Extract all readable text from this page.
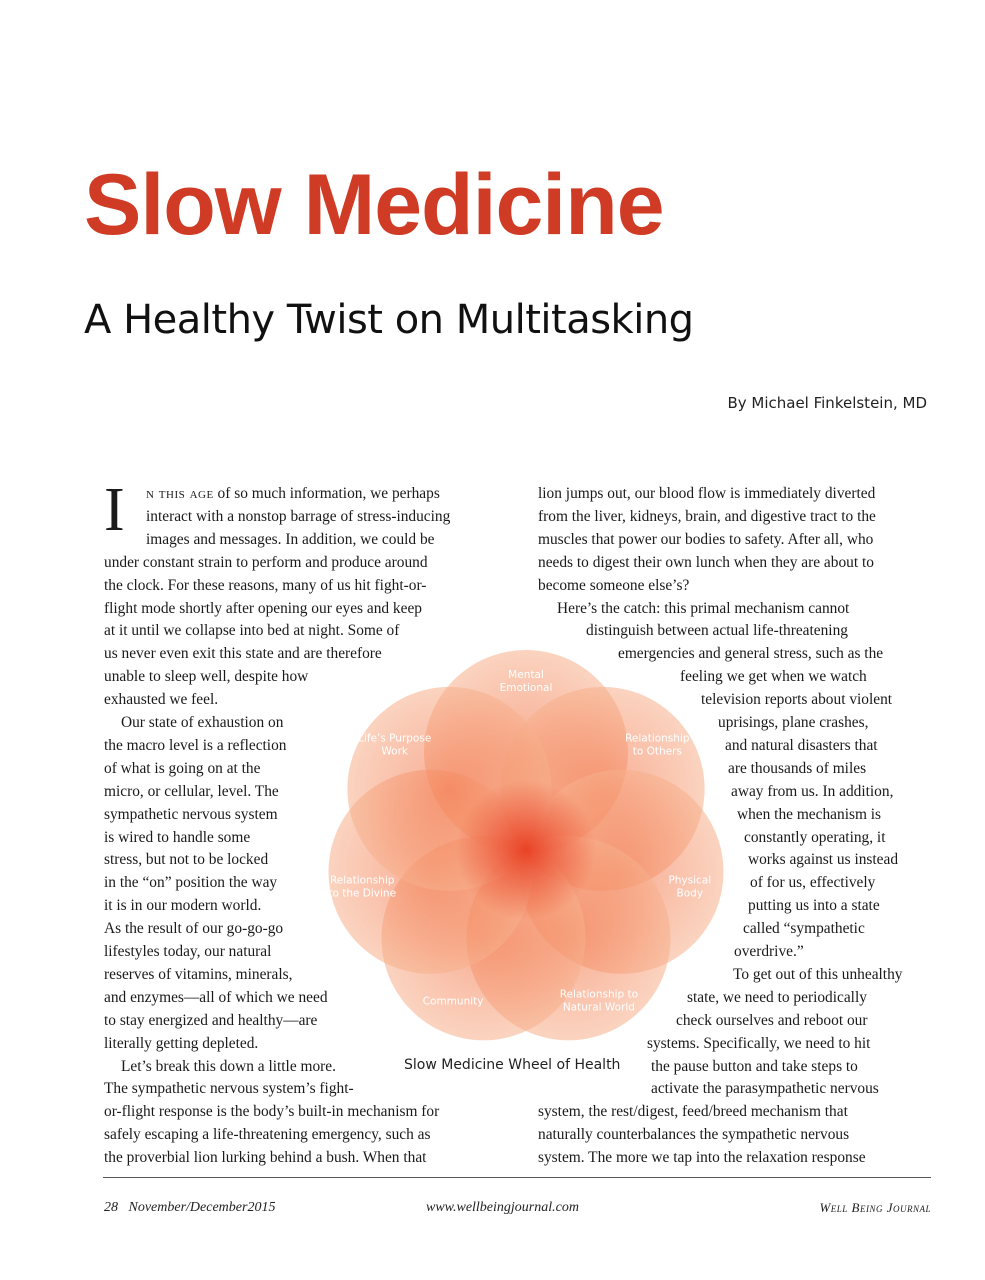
Slow Medicine
A Healthy Twist on Multitasking
By Michael Finkelstein, MD
I n this age of so much information, we perhaps
interact with a nonstop barrage of stress-inducing
images and messages. In addition, we could be
under constant strain to perform and produce around
the clock. For these reasons, many of us hit fight-or-
flight mode shortly after opening our eyes and keep
at it until we collapse into bed at night. Some of
us never even exit this state and are therefore
unable to sleep well, despite how
exhausted we feel.
Our state of exhaustion on
the macro level is a reflection
of what is going on at the
micro, or cellular, level. The
sympathetic nervous system
is wired to handle some
stress, but not to be locked
in the “on” position the way
it is in our modern world.
As the result of our go-go-go
lifestyles today, our natural
reserves of vitamins, minerals,
and enzymes—all of which we need
to stay energized and healthy—are
literally getting depleted.
Let’s break this down a little more.
The sympathetic nervous system’s fight-
or-flight response is the body’s built-in mechanism for
safely escaping a life-threatening emergency, such as
the proverbial lion lurking behind a bush. When that
lion jumps out, our blood flow is immediately diverted
from the liver, kidneys, brain, and digestive tract to the
muscles that power our bodies to safety. After all, who
needs to digest their own lunch when they are about to
become someone else’s?
Here’s the catch: this primal mechanism cannot
distinguish between actual life-threatening
emergencies and general stress, such as the
feeling we get when we watch
television reports about violent
uprisings, plane crashes,
and natural disasters that
are thousands of miles
away from us. In addition,
when the mechanism is
constantly operating, it
works against us instead
of for us, effectively
putting us into a state
called “sympathetic
overdrive.”
To get out of this unhealthy
state, we need to periodically
check ourselves and reboot our
systems. Specifically, we need to hit
the pause button and take steps to
activate the parasympathetic nervous
system, the rest/digest, feed/breed mechanism that
naturally counterbalances the sympathetic nervous
system. The more we tap into the relaxation response
Mental Emotional
Relationship to Others
Physical Body
Relationship to Natural World
Community
Relationship to the Divine
Life’s Purpose Work
Slow Medicine Wheel of Health
28 November/December2015	www.wellbeingjournal.com	Well Being Journal
